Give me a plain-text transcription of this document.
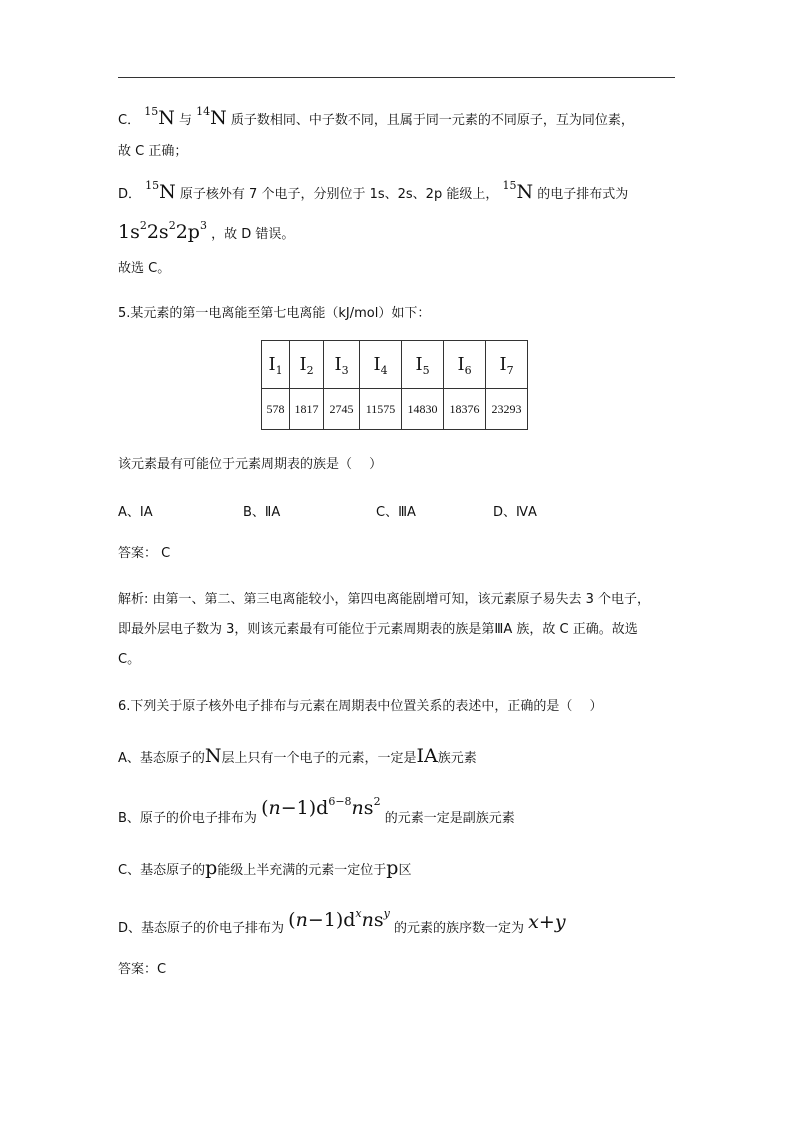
C． $^{15}$N 与 $^{14}$N 质子数相同、中子数不同，且属于同一元素的不同原子，互为同位素，
故 C 正确；
D． $^{15}$N 原子核外有 7 个电子，分别位于 1s、2s、2p 能级上， $^{15}$N 的电子排布式为
$1s^22s^22p^3$ ，故 D 错误。
故选 C。
5.某元素的第一电离能至第七电离能（kJ/mol）如下：
$I_1$	$I_2$	$I_3$	$I_4$	$I_5$	$I_6$	$I_7$
578	1817	2745	11575	14830	18376	23293
该元素最有可能位于元素周期表的族是（　 ）
A、ⅠA	B、ⅡA	C、ⅢA	D、ⅣA
答案： C
解析: 由第一、第二、第三电离能较小，第四电离能剧增可知，该元素原子易失去 3 个电子，
即最外层电子数为 3，则该元素最有可能位于元素周期表的族是第ⅢA 族，故 C 正确。故选
C。
6.下列关于原子核外电子排布与元素在周期表中位置关系的表述中，正确的是（　 ）
A、基态原子的N层上只有一个电子的元素，一定是IA族元素
B、原子的价电子排布为 $(n-1)d^{6-8}ns^2$ 的元素一定是副族元素
C、基态原子的p能级上半充满的元素一定位于p区
D、基态原子的价电子排布为 $(n-1)d^xns^y$ 的元素的族序数一定为 x+y
答案：C
